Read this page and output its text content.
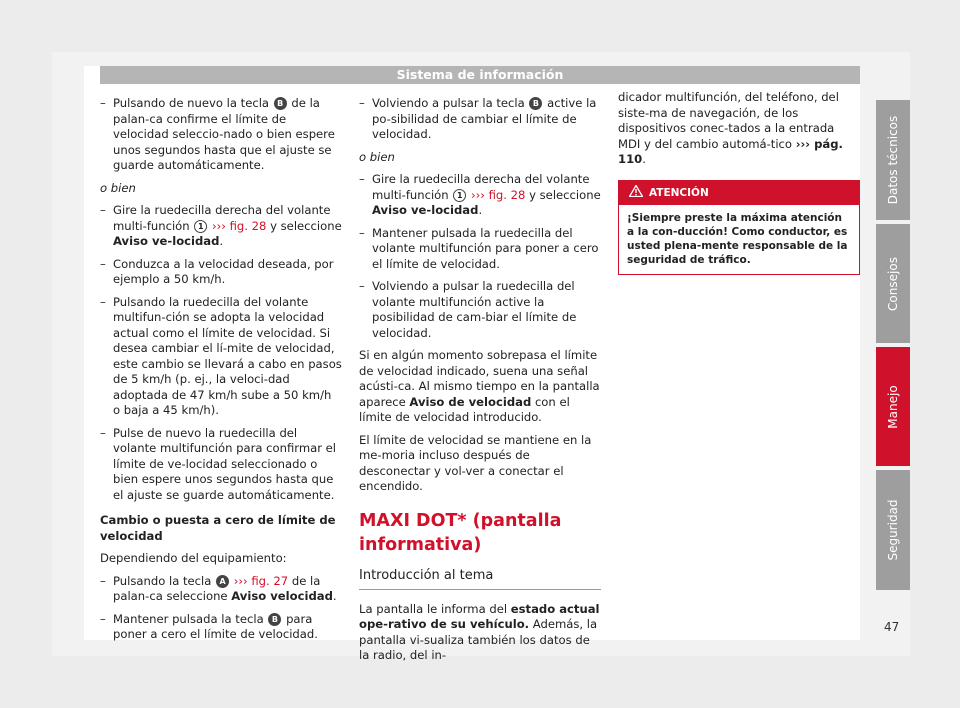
Sistema de información
– Pulsando de nuevo la tecla B de la palan-ca confirme el límite de velocidad seleccio-nado o bien espere unos segundos hasta que el ajuste se guarde automáticamente.

o bien

– Gire la ruedecilla derecha del volante multi-función 1 ››› fig. 28 y seleccione Aviso ve-locidad.
– Conduzca a la velocidad deseada, por ejemplo a 50 km/h.
– Pulsando la ruedecilla del volante multifun-ción se adopta la velocidad actual como el límite de velocidad. Si desea cambiar el lí-mite de velocidad, este cambio se llevará a cabo en pasos de 5 km/h (p. ej., la veloci-dad adoptada de 47 km/h sube a 50 km/h o baja a 45 km/h).
– Pulse de nuevo la ruedecilla del volante multifunción para confirmar el límite de ve-locidad seleccionado o bien espere unos segundos hasta que el ajuste se guarde automáticamente.

Cambio o puesta a cero de límite de velocidad

Dependiendo del equipamiento:

– Pulsando la tecla A ››› fig. 27 de la palan-ca seleccione Aviso velocidad.
– Mantener pulsada la tecla B para poner a cero el límite de velocidad.
– Volviendo a pulsar la tecla B active la po-sibilidad de cambiar el límite de velocidad.

o bien

– Gire la ruedecilla derecha del volante multi-función 1 ››› fig. 28 y seleccione Aviso ve-locidad.
– Mantener pulsada la ruedecilla del volante multifunción para poner a cero el límite de velocidad.
– Volviendo a pulsar la ruedecilla del volante multifunción active la posibilidad de cam-biar el límite de velocidad.

Si en algún momento sobrepasa el límite de velocidad indicado, suena una señal acústi-ca. Al mismo tiempo en la pantalla aparece Aviso de velocidad con el límite de velocidad introducido.

El límite de velocidad se mantiene en la me-moria incluso después de desconectar y vol-ver a conectar el encendido.

MAXI DOT* (pantalla informativa)
Introducción al tema

La pantalla le informa del estado actual ope-rativo de su vehículo. Además, la pantalla vi-sualiza también los datos de la radio, del in-

dicador multifunción, del teléfono, del siste-ma de navegación, de los dispositivos conec-tados a la entrada MDI y del cambio automá-tico ››› pág. 110.

ATENCIÓN
¡Siempre preste la máxima atención a la con-ducción! Como conductor, es usted plena-mente responsable de la seguridad de tráfico.
Datos técnicos
Consejos
Manejo
Seguridad
47
